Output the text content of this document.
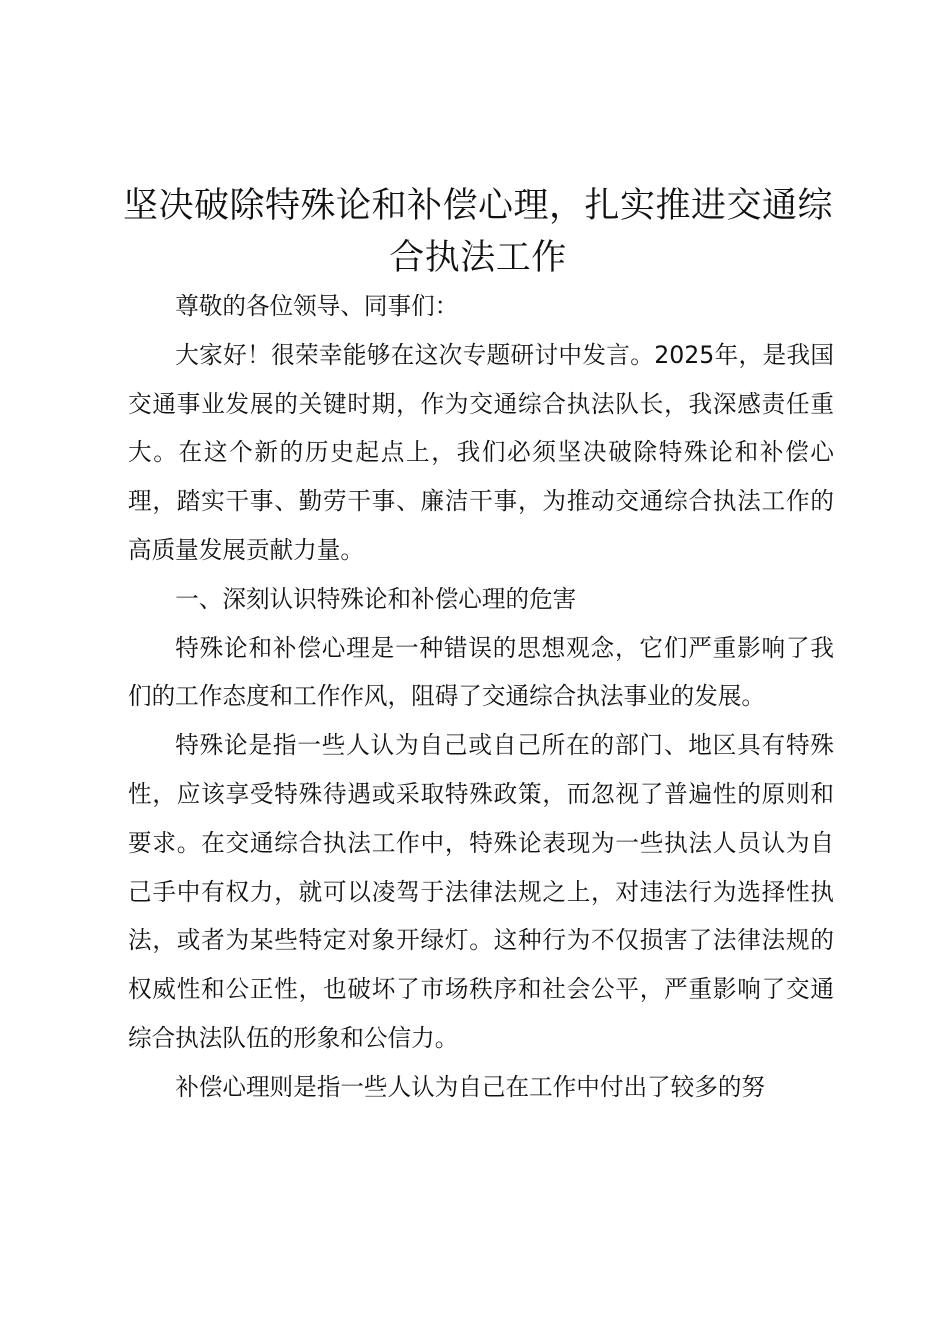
坚决破除特殊论和补偿心理，扎实推进交通综合执法工作

尊敬的各位领导、同事们：

大家好！很荣幸能够在这次专题研讨中发言。2025年，是我国交通事业发展的关键时期，作为交通综合执法队长，我深感责任重大。在这个新的历史起点上，我们必须坚决破除特殊论和补偿心理，踏实干事、勤劳干事、廉洁干事，为推动交通综合执法工作的高质量发展贡献力量。

一、深刻认识特殊论和补偿心理的危害

特殊论和补偿心理是一种错误的思想观念，它们严重影响了我们的工作态度和工作作风，阻碍了交通综合执法事业的发展。

特殊论是指一些人认为自己或自己所在的部门、地区具有特殊性，应该享受特殊待遇或采取特殊政策，而忽视了普遍性的原则和要求。在交通综合执法工作中，特殊论表现为一些执法人员认为自己手中有权力，就可以凌驾于法律法规之上，对违法行为选择性执法，或者为某些特定对象开绿灯。这种行为不仅损害了法律法规的权威性和公正性，也破坏了市场秩序和社会公平，严重影响了交通综合执法队伍的形象和公信力。

补偿心理则是指一些人认为自己在工作中付出了较多的努
